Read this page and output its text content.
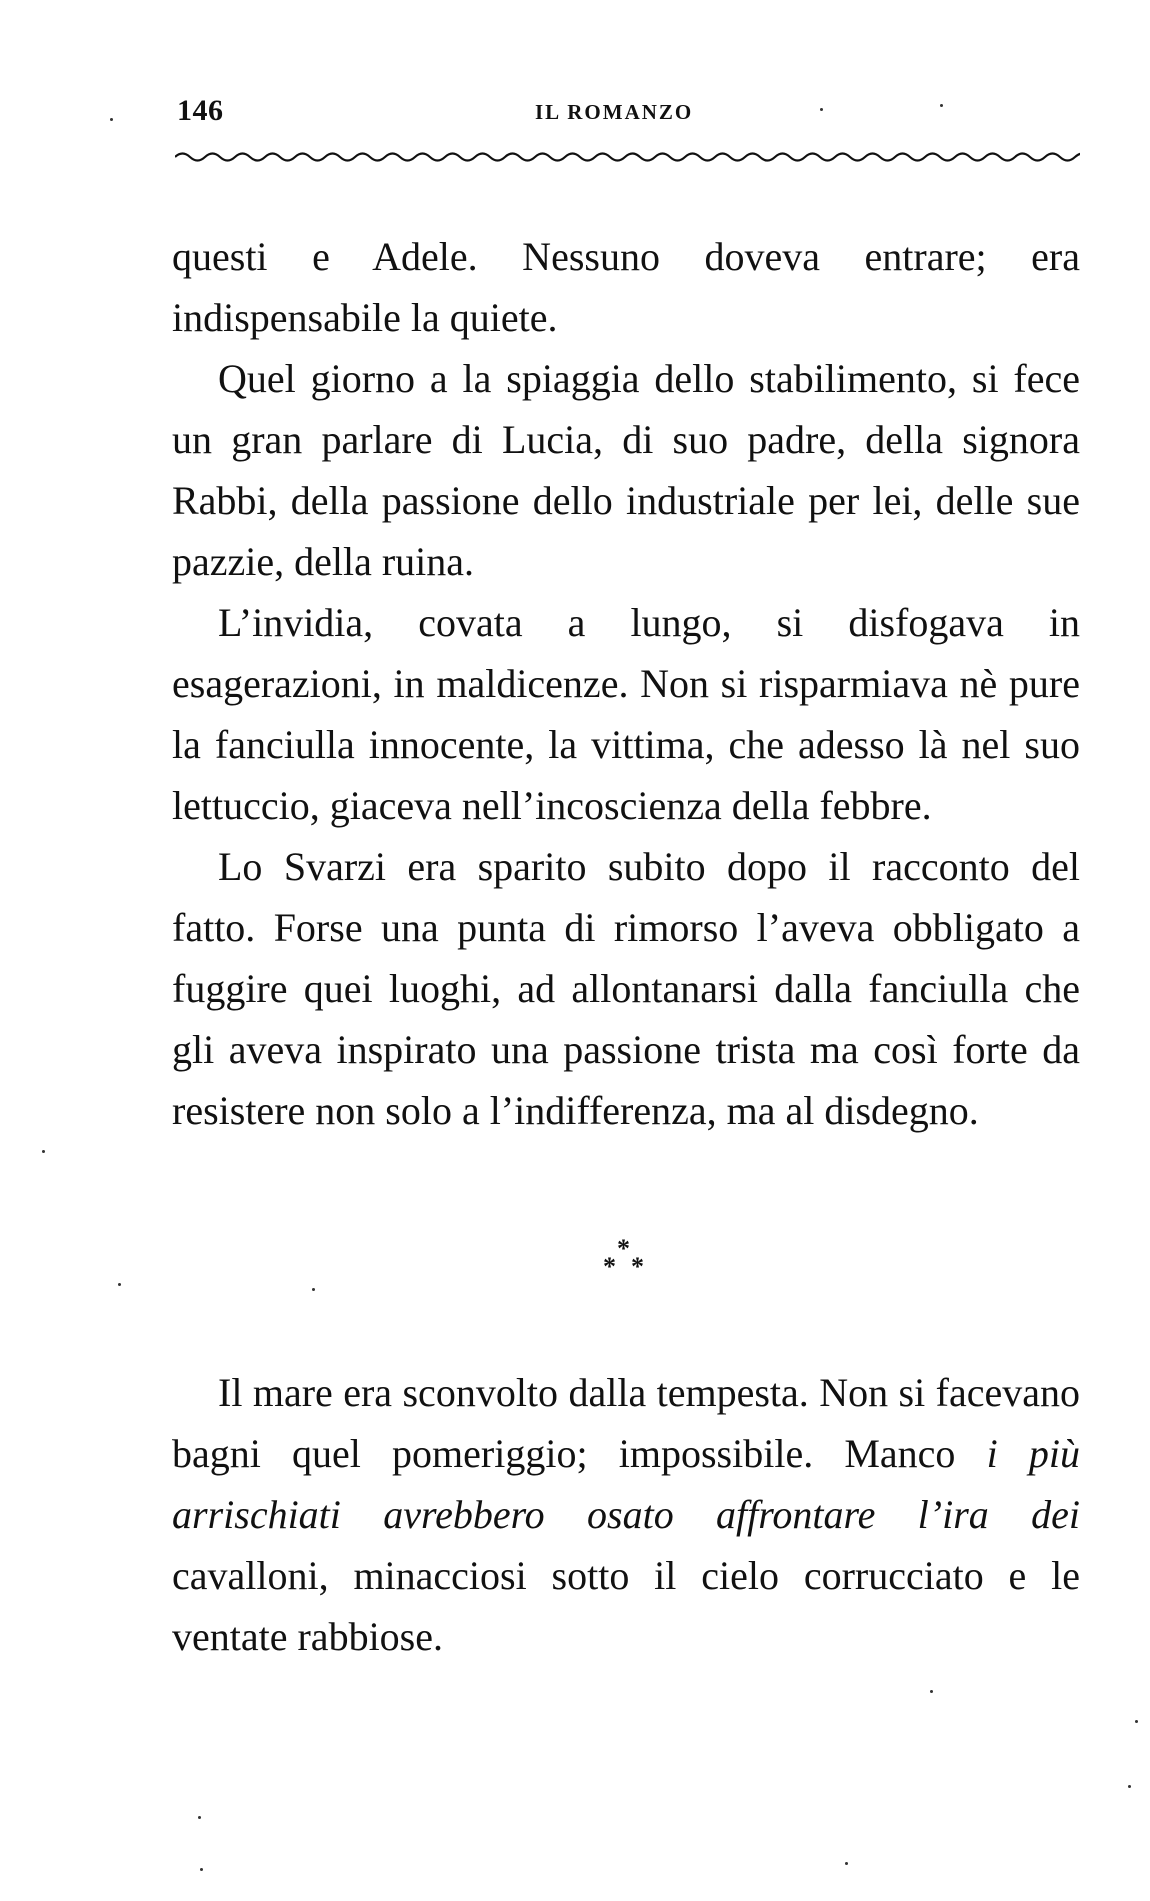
146	IL ROMANZO

questi e Adele. Nessuno doveva entrare; era indispensabile la quiete.

Quel giorno a la spiaggia dello stabilimento, si fece un gran parlare di Lucia, di suo padre, della signora Rabbi, della passione dello industriale per lei, delle sue pazzie, della ruina.

L’invidia, covata a lungo, si disfogava in esagerazioni, in maldicenze. Non si risparmiava nè pure la fanciulla innocente, la vittima, che adesso là nel suo lettuccio, giaceva nell’incoscienza della febbre.

Lo Svarzi era sparito subito dopo il racconto del fatto. Forse una punta di rimorso l’aveva obbligato a fuggire quei luoghi, ad allontanarsi dalla fanciulla che gli aveva inspirato una passione trista ma così forte da resistere non solo a l’indifferenza, ma al disdegno.

*
* *

Il mare era sconvolto dalla tempesta. Non si facevano bagni quel pomeriggio; impossibile. Manco i più arrischiati avrebbero osato affrontare l’ira dei cavalloni, minacciosi sotto il cielo corrucciato e le ventate rabbiose.
